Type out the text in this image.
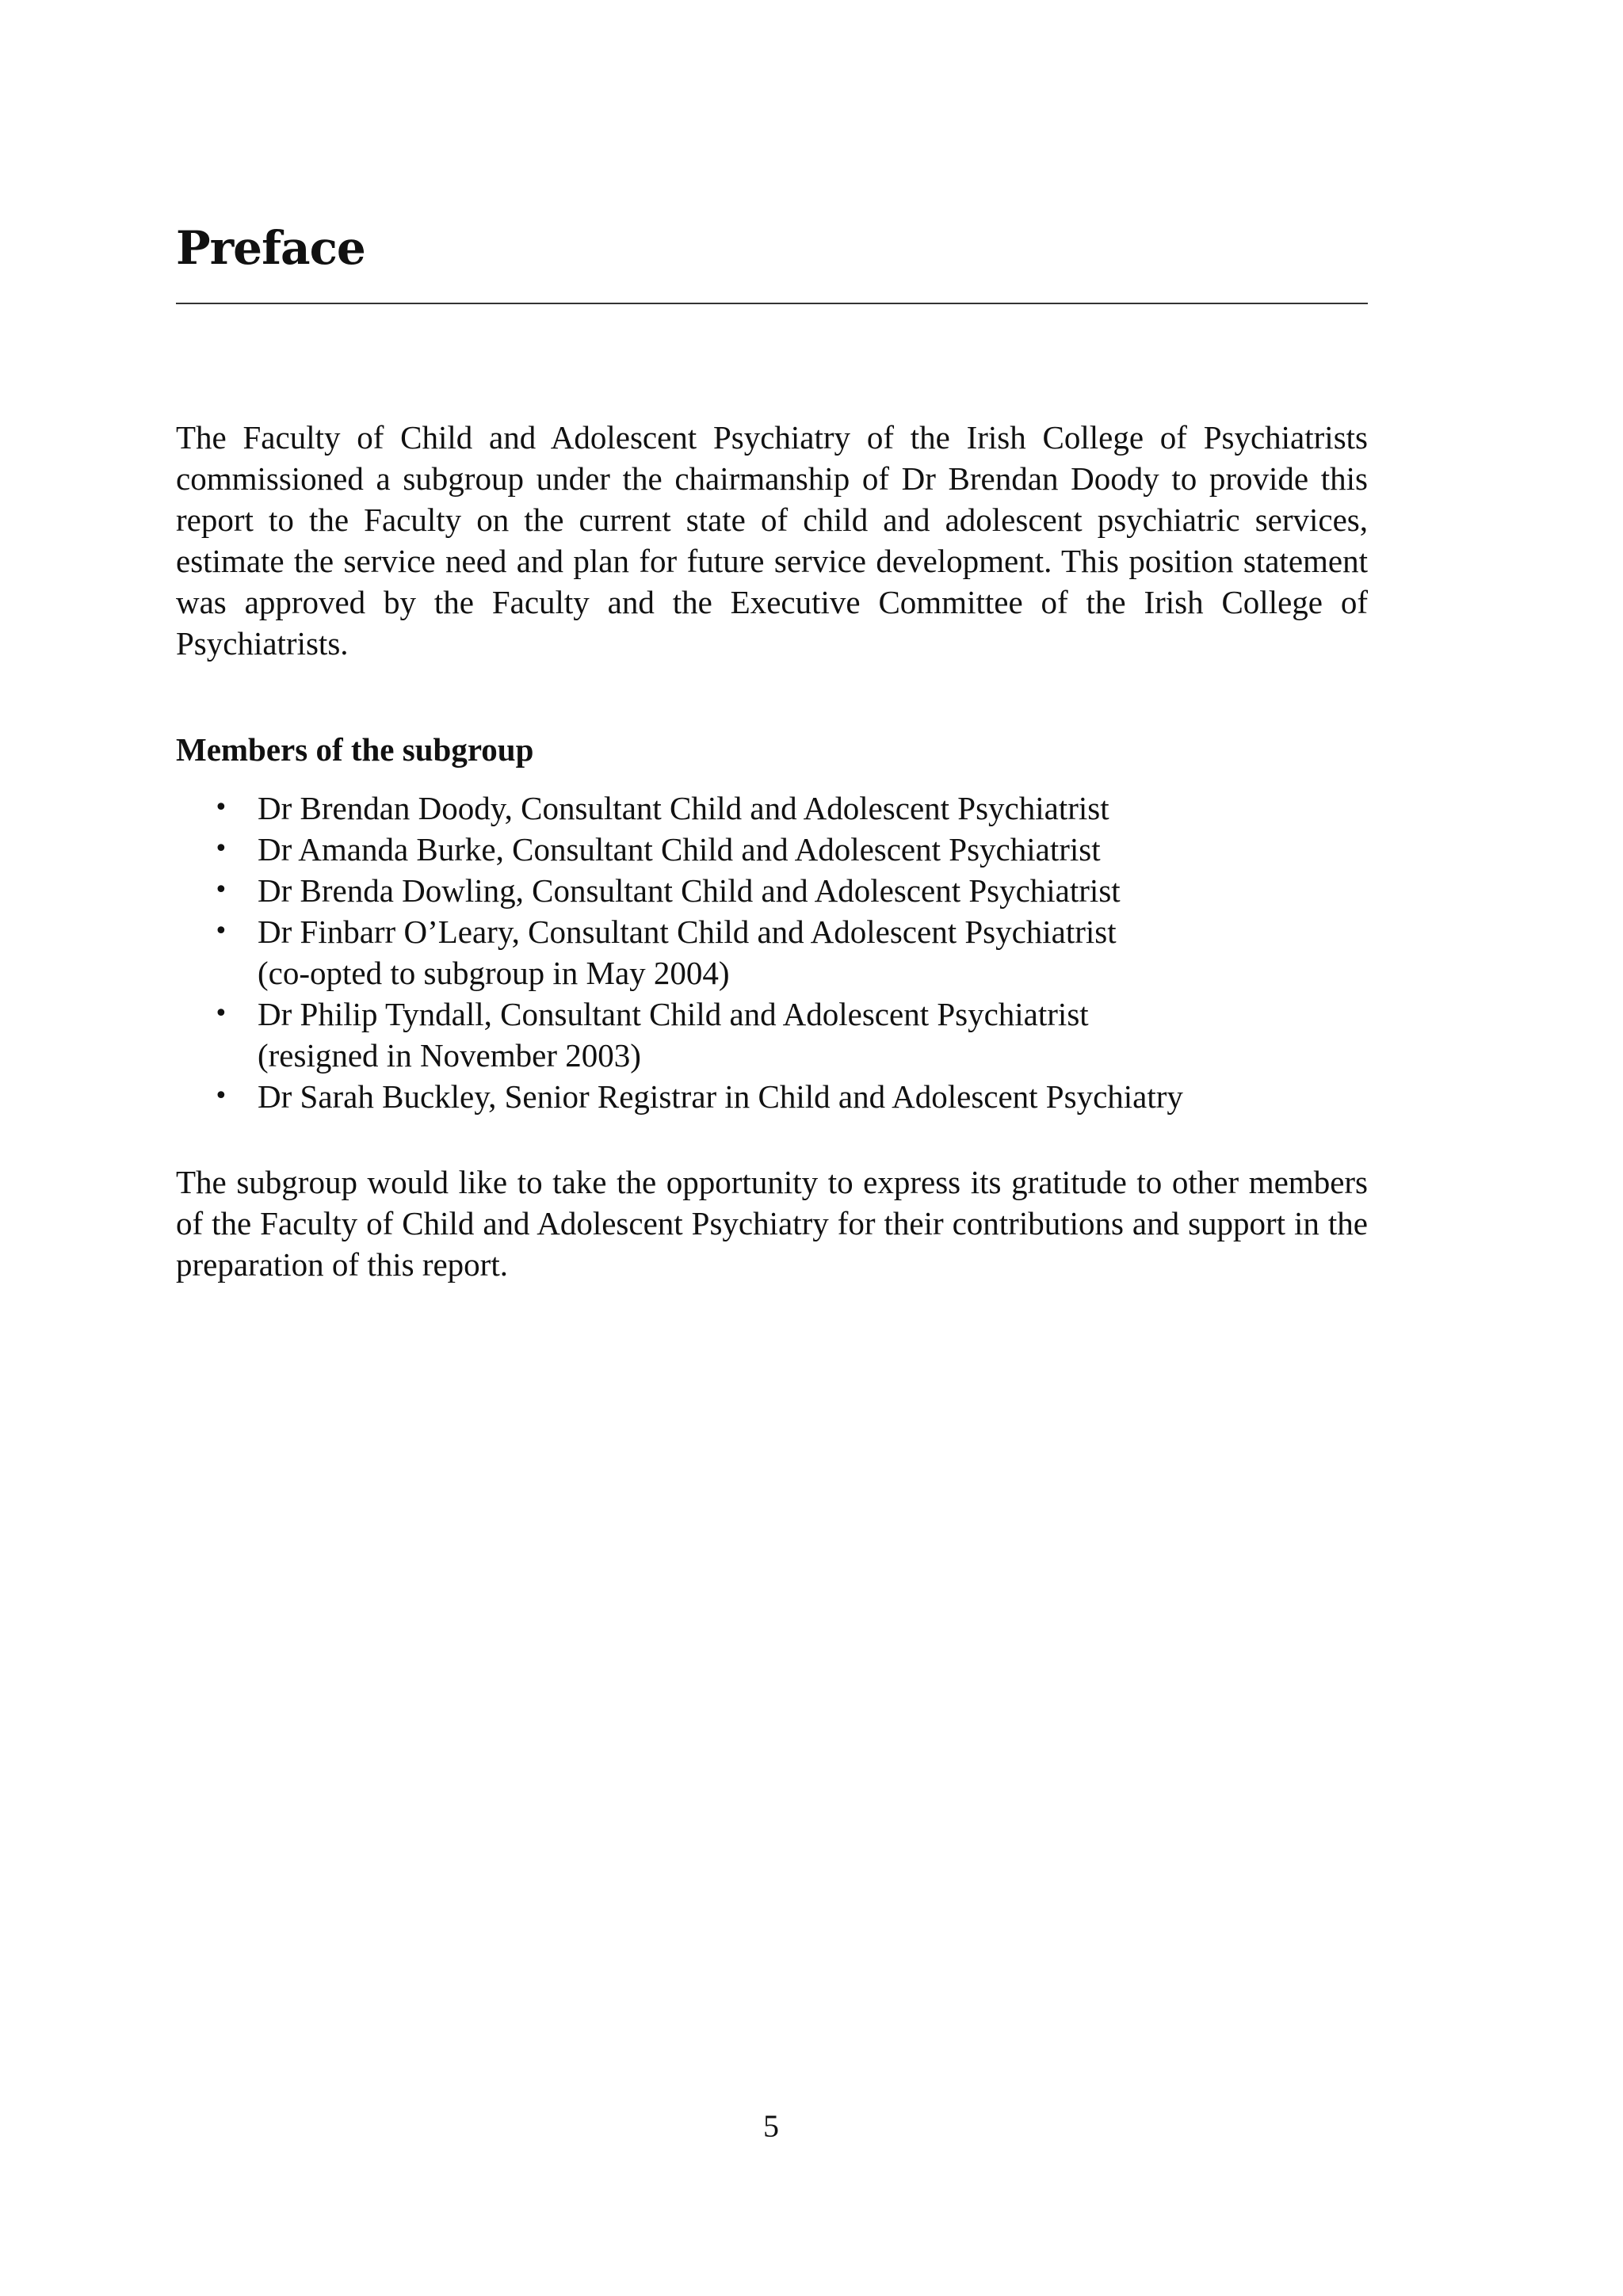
Preface

The Faculty of Child and Adolescent Psychiatry of the Irish College of Psychiatrists commissioned a subgroup under the chairmanship of Dr Brendan Doody to provide this report to the Faculty on the current state of child and adolescent psychiatric services, estimate the service need and plan for future service development. This position statement was approved by the Faculty and the Executive Committee of the Irish College of Psychiatrists.

Members of the subgroup

• Dr Brendan Doody, Consultant Child and Adolescent Psychiatrist
• Dr Amanda Burke, Consultant Child and Adolescent Psychiatrist
• Dr Brenda Dowling, Consultant Child and Adolescent Psychiatrist
• Dr Finbarr O’Leary, Consultant Child and Adolescent Psychiatrist
(co-opted to subgroup in May 2004)
• Dr Philip Tyndall, Consultant Child and Adolescent Psychiatrist
(resigned in November 2003)
• Dr Sarah Buckley, Senior Registrar in Child and Adolescent Psychiatry

The subgroup would like to take the opportunity to express its gratitude to other members of the Faculty of Child and Adolescent Psychiatry for their contributions and support in the preparation of this report.

5
